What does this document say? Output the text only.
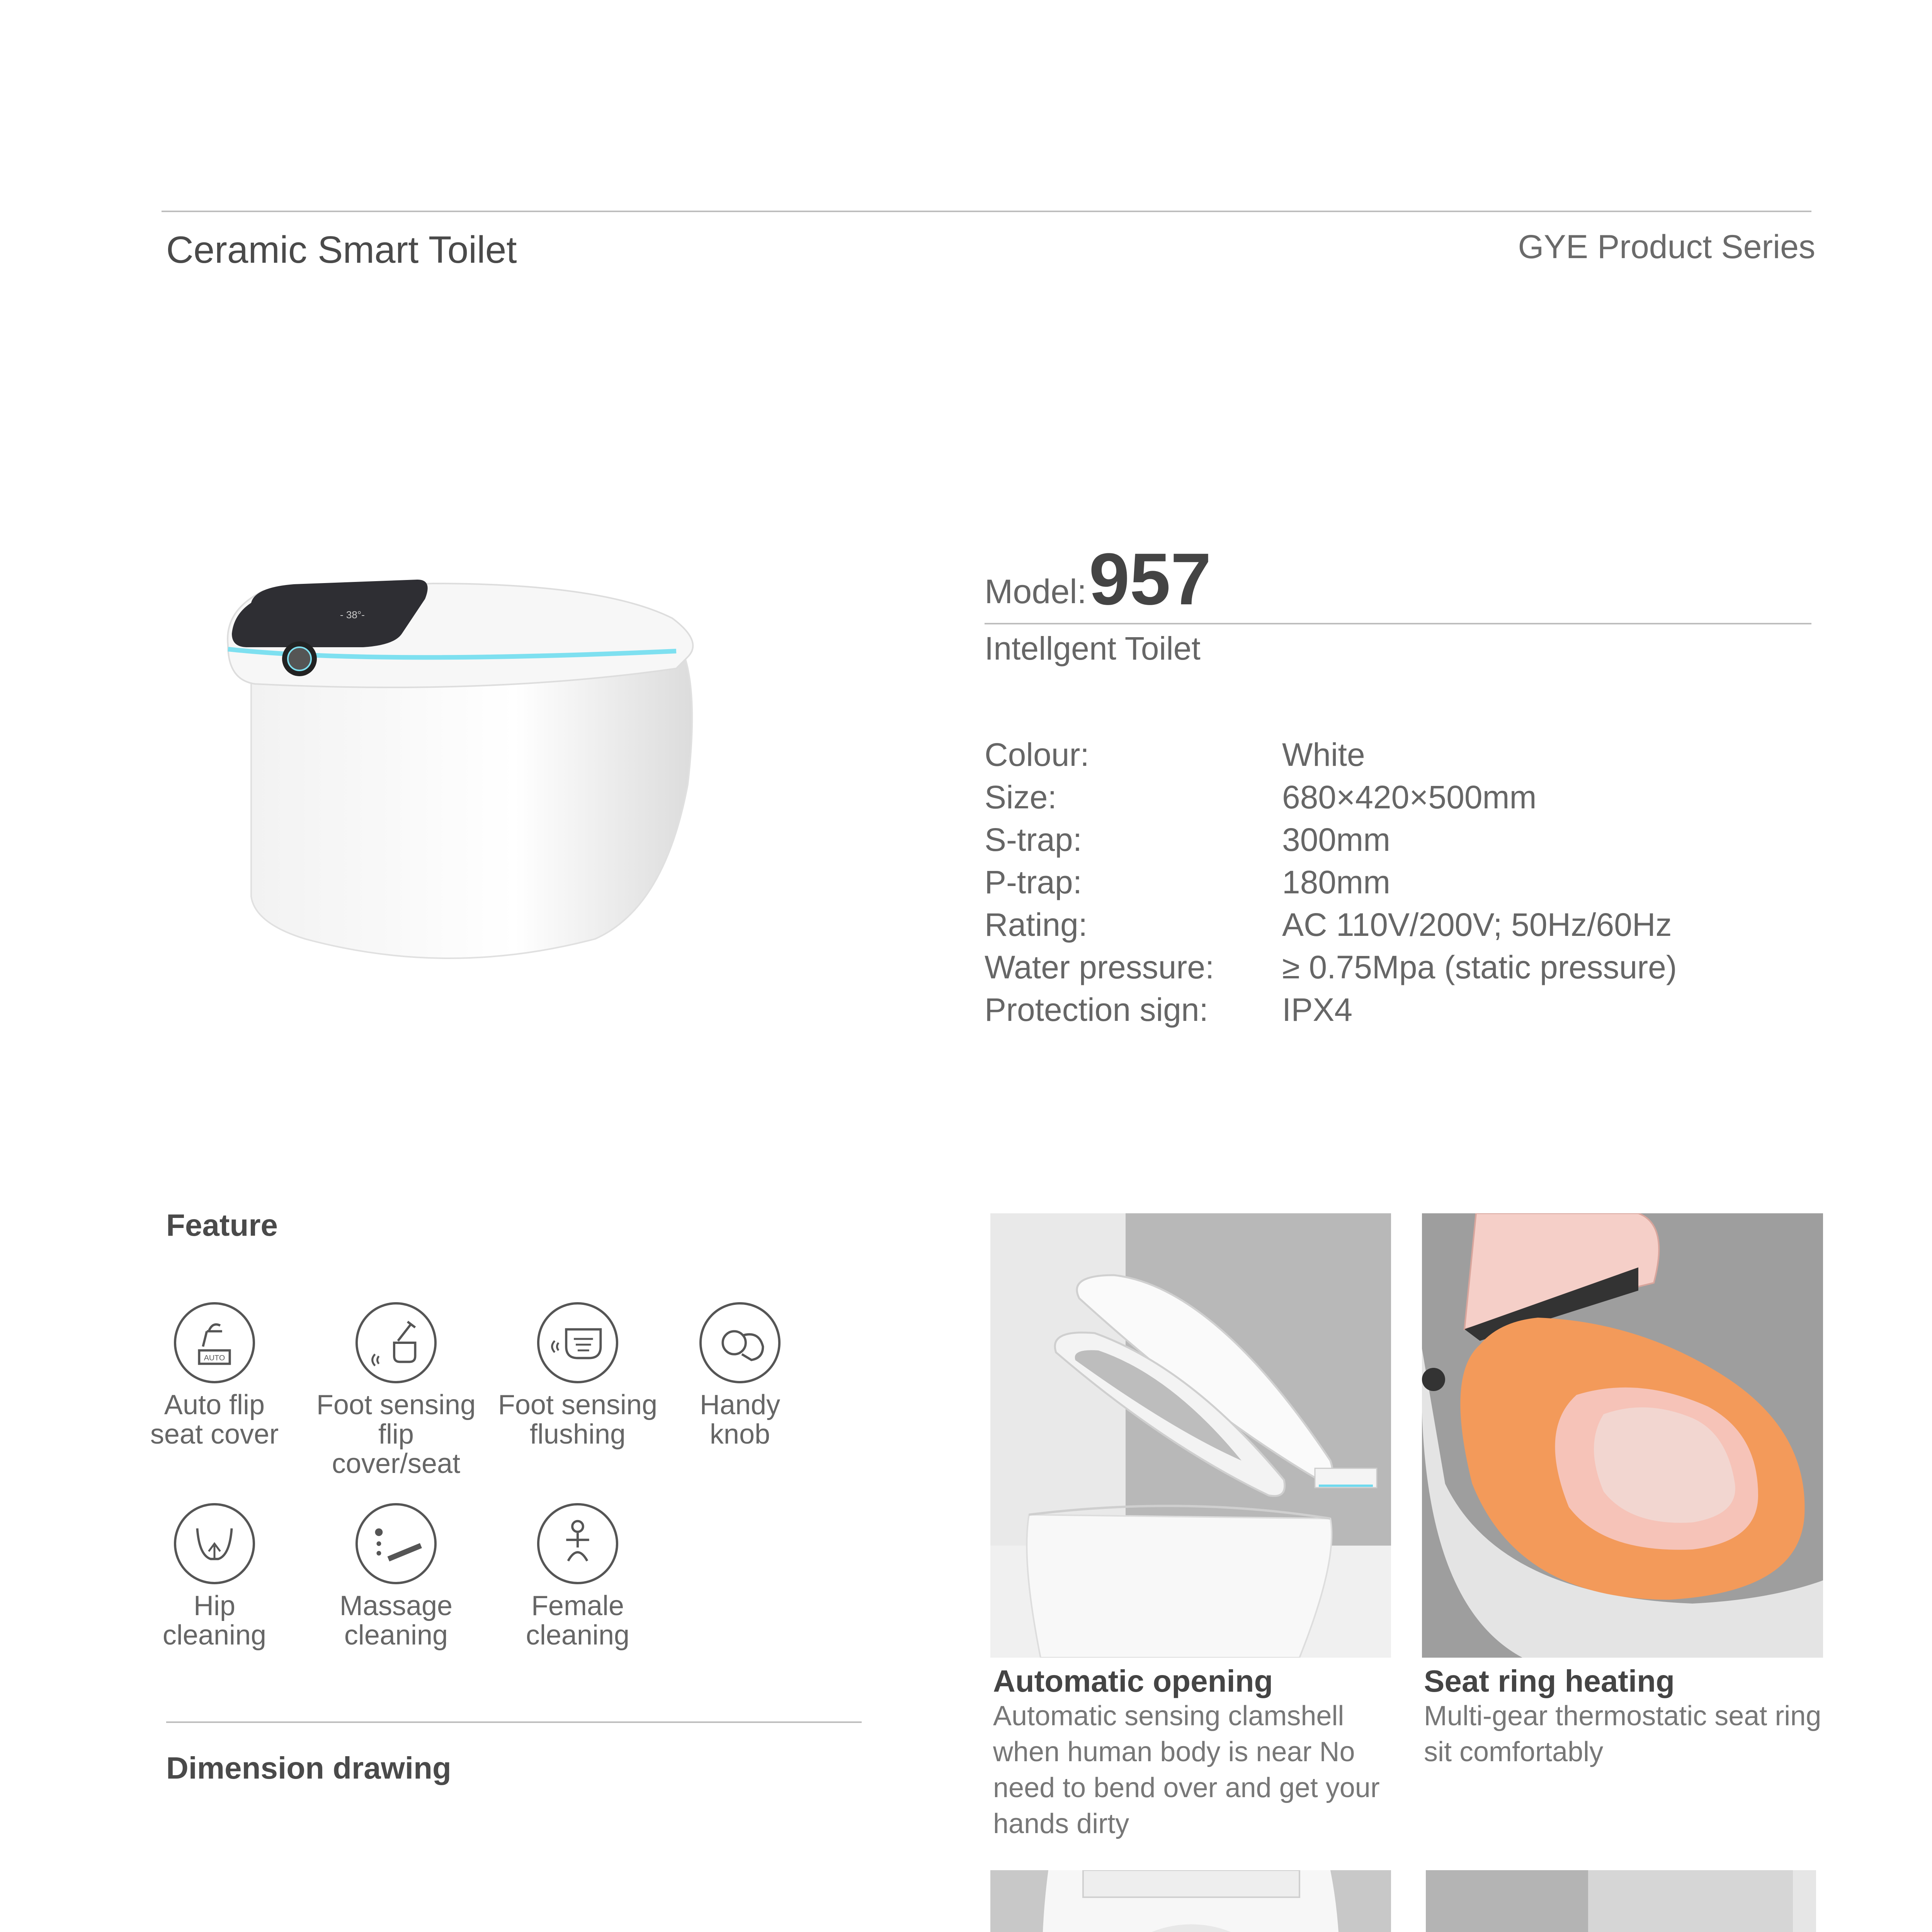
Ceramic Smart Toilet	GYE Product Series
- 38°-
Model: 957
Intellgent Toilet
Colour:	White
Size:	680×420×500mm
S-trap:	300mm
P-trap:	180mm
Rating:	AC 110V/200V; 50Hz/60Hz
Water pressure: ≥ 0.75Mpa (static pressure)
Protection sign: IPX4
Feature
AUTO
Auto flip
seat cover
Foot sensing
flip cover/seat
Foot sensing
flushing
Handy
knob
Hip
cleaning
Massage
cleaning
Female
cleaning
Dimension drawing
Automatic opening
Automatic sensing clamshell when human body is near No need to bend over and get your hands dirty
Seat ring heating
Multi-gear thermostatic seat ring sit comfortably
